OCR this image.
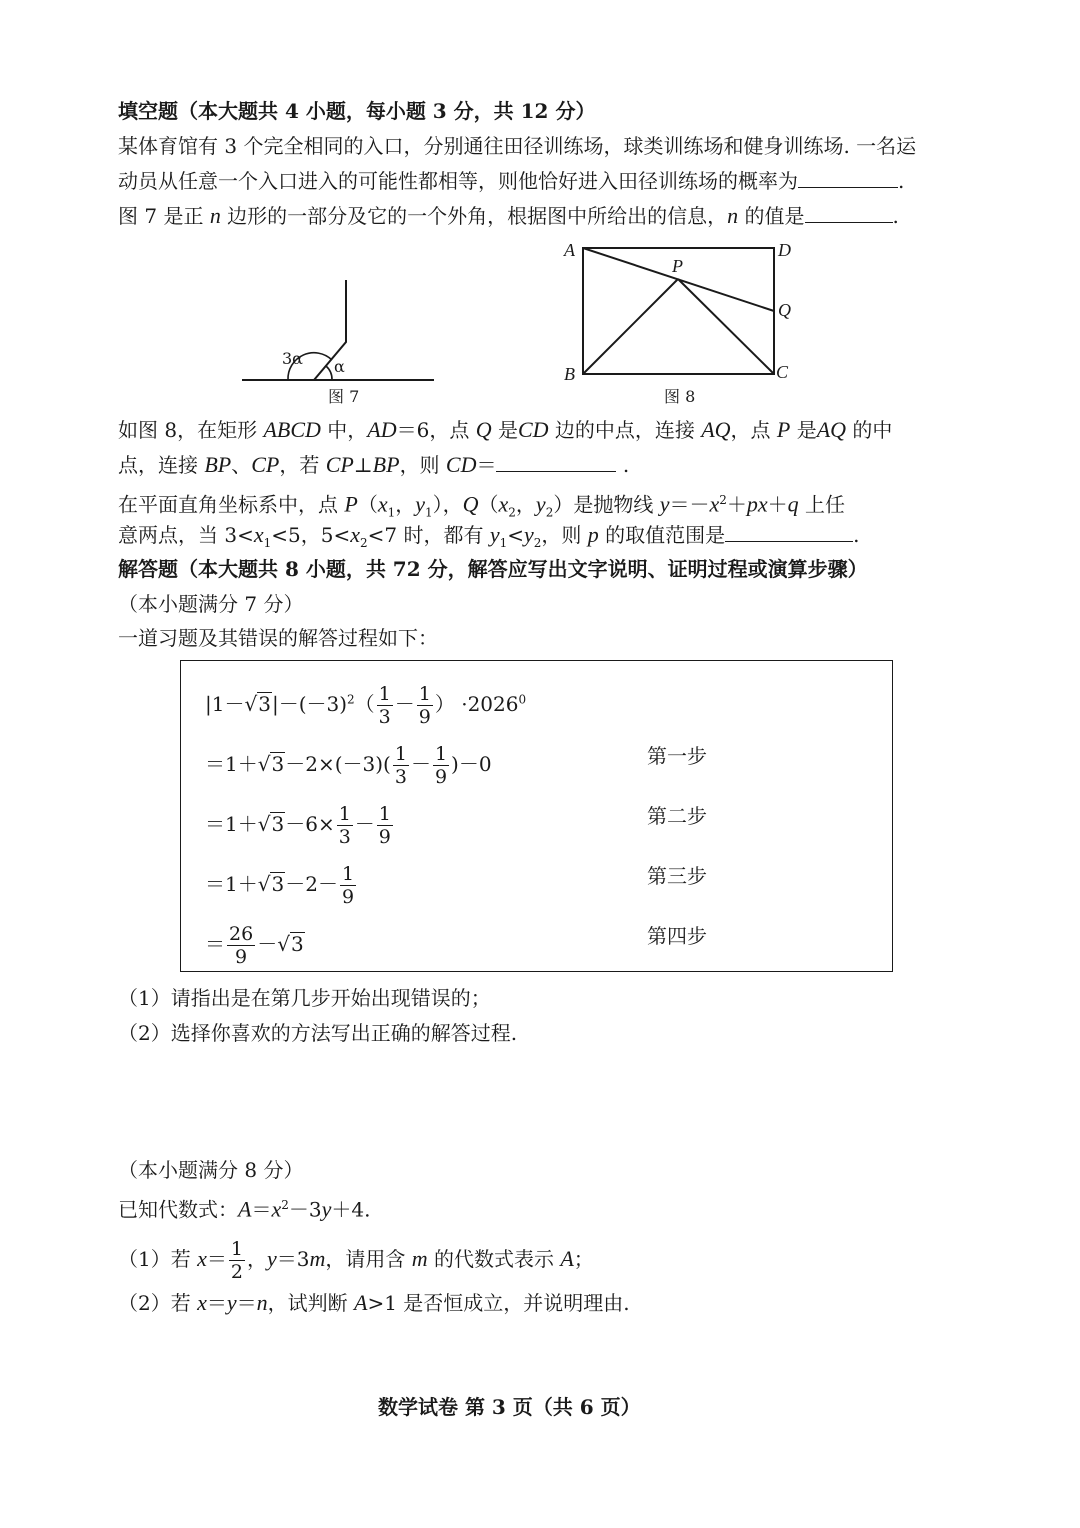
填空题（本大题共 4 小题，每小题 3 分，共 12 分）
某体育馆有 3 个完全相同的入口，分别通往田径训练场，球类训练场和健身训练场. 一名运
动员从任意一个入口进入的可能性都相等，则他恰好进入田径训练场的概率为	.
图 7 是正 n 边形的一部分及它的一个外角，根据图中所给出的信息，n 的值是	.
3α α
图 7
A	D
P
Q
B	C
图 8
如图 8，在矩形 ABCD 中，AD＝6，点 Q 是CD 边的中点，连接 AQ，点 P 是AQ 的中
点，连接 BP、CP，若 CP⊥BP，则 CD＝	.
在平面直角坐标系中，点 $P(x_1$，$y_1$），$Q(x_2$，$y_2$）是抛物线 $y=-x^2+px+q$ 上任
意两点，当 $3<x_1<5$，$5<x_2<7$ 时，都有 $y_1<y_2$，则 p 的取值范围是	.
解答题（本大题共 8 小题，共 72 分，解答应写出文字说明、证明过程或演算步骤）
（本小题满分 7 分）
一道习题及其错误的解答过程如下：
$|1-√3|-(-3)^2( \frac{1}{3} - \frac{1}{9}$ ） $\cdot 2026^0$
$=1+√3-2\times(-3)( \frac{1}{3} - \frac{1}{9} )-0$	第一步
$=1+√3-6\times \frac{1}{3} - \frac{1}{9}$	第二步
$=1+√3-2- \frac{1}{9}$	第三步
＝ $\frac{26}{9} -√3$	第四步
（1）请指出是在第几步开始出现错误的；
（2）选择你喜欢的方法写出正确的解答过程.
（本小题满分 8 分）
已知代数式：$A=x^2-3y+4$.
（1）若 $x= \frac{1}{2}$ ，y＝3m，请用含 m 的代数式表示 A；
（2）若 x＝y＝n，试判断 A>1 是否恒成立，并说明理由.
数学试卷 第 3 页（共 6 页）
